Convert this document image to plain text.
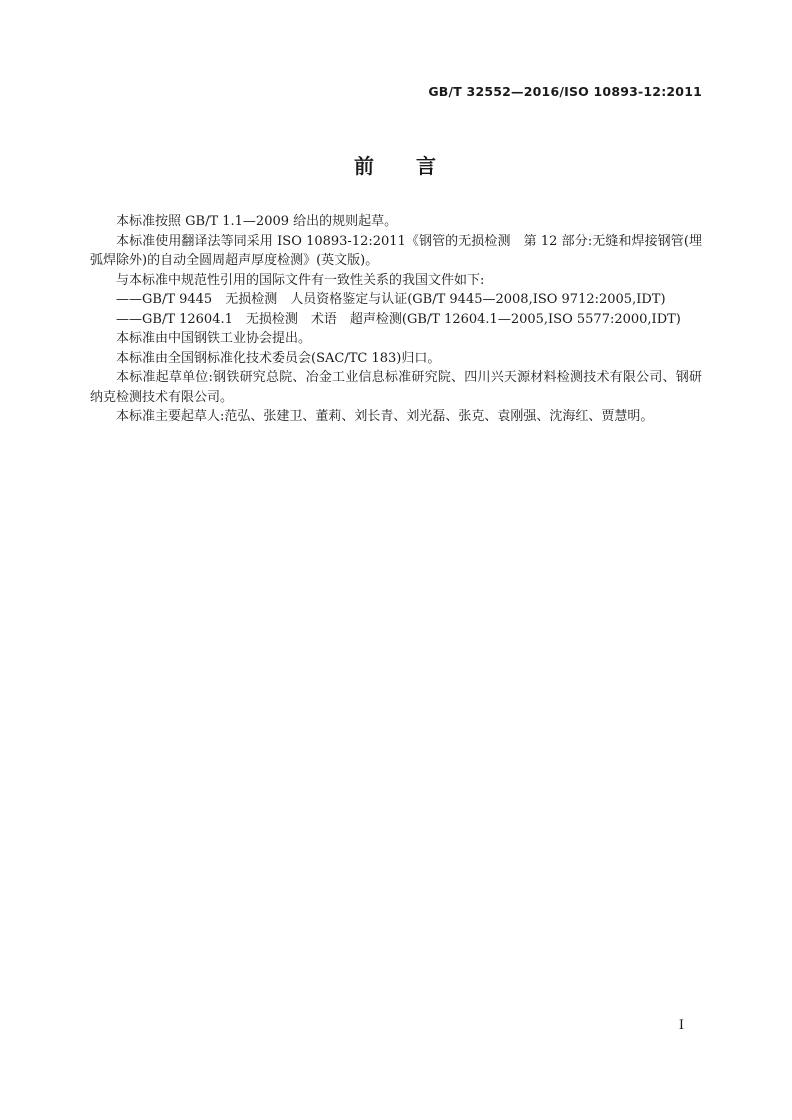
GB/T 32552—2016/ISO 10893-12:2011
前 言

本标准按照 GB/T 1.1—2009 给出的规则起草。

本标准使用翻译法等同采用 ISO 10893-12:2011《钢管的无损检测　第 12 部分:无缝和焊接钢管(埋弧焊除外)的自动全圆周超声厚度检测》(英文版)。

与本标准中规范性引用的国际文件有一致性关系的我国文件如下:

——GB/T 9445　无损检测　人员资格鉴定与认证(GB/T 9445—2008,ISO 9712:2005,IDT)

——GB/T 12604.1　无损检测　术语　超声检测(GB/T 12604.1—2005,ISO 5577:2000,IDT)

本标准由中国钢铁工业协会提出。

本标准由全国钢标准化技术委员会(SAC/TC 183)归口。

本标准起草单位:钢铁研究总院、冶金工业信息标准研究院、四川兴天源材料检测技术有限公司、钢研纳克检测技术有限公司。

本标准主要起草人:范弘、张建卫、董莉、刘长青、刘光磊、张克、袁刚强、沈海红、贾慧明。

I
